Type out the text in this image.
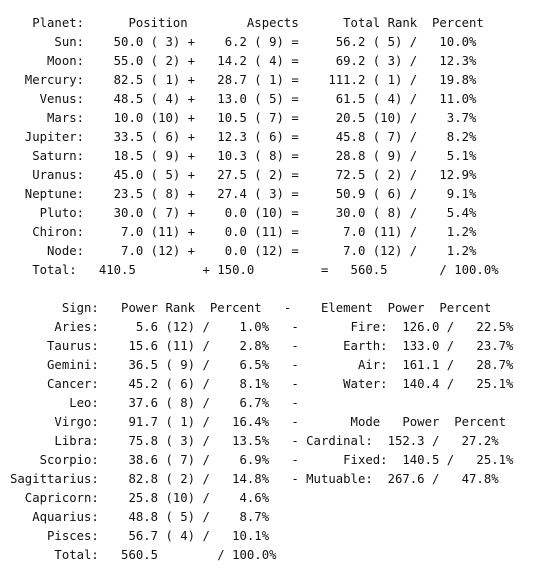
Planet:      Position        Aspects      Total Rank  Percent
Sun:    50.0 ( 3) +    6.2 ( 9) =     56.2 ( 5) /   10.0%
Moon:    55.0 ( 2) +   14.2 ( 4) =     69.2 ( 3) /   12.3%
Mercury:    82.5 ( 1) +   28.7 ( 1) =    111.2 ( 1) /   19.8%
Venus:    48.5 ( 4) +   13.0 ( 5) =     61.5 ( 4) /   11.0%
Mars:    10.0 (10) +   10.5 ( 7) =     20.5 (10) /    3.7%
Jupiter:    33.5 ( 6) +   12.3 ( 6) =     45.8 ( 7) /    8.2%
Saturn:    18.5 ( 9) +   10.3 ( 8) =     28.8 ( 9) /    5.1%
Uranus:    45.0 ( 5) +   27.5 ( 2) =     72.5 ( 2) /   12.9%
Neptune:    23.5 ( 8) +   27.4 ( 3) =     50.9 ( 6) /    9.1%
Pluto:    30.0 ( 7) +    0.0 (10) =     30.0 ( 8) /    5.4%
Chiron:     7.0 (11) +    0.0 (11) =      7.0 (11) /    1.2%
Node:     7.0 (12) +    0.0 (12) =      7.0 (12) /    1.2%
Total:   410.5         + 150.0         =   560.5       / 100.0%
Sign:   Power Rank  Percent   -    Element  Power  Percent
Aries:     5.6 (12) /    1.0%   -       Fire:  126.0 /   22.5%
Taurus:    15.6 (11) /    2.8%   -      Earth:  133.0 /   23.7%
Gemini:    36.5 ( 9) /    6.5%   -        Air:  161.1 /   28.7%
Cancer:    45.2 ( 6) /    8.1%   -      Water:  140.4 /   25.1%
Leo:    37.6 ( 8) /    6.7%   -
Virgo:    91.7 ( 1) /   16.4%   -       Mode   Power  Percent
Libra:    75.8 ( 3) /   13.5%   - Cardinal:  152.3 /   27.2%
Scorpio:    38.6 ( 7) /    6.9%   -      Fixed:  140.5 /   25.1%
Sagittarius:    82.8 ( 2) /   14.8%   - Mutuable:  267.6 /   47.8%
Capricorn:    25.8 (10) /    4.6%
Aquarius:    48.8 ( 5) /    8.7%
Pisces:    56.7 ( 4) /   10.1%
Total:   560.5        / 100.0%
